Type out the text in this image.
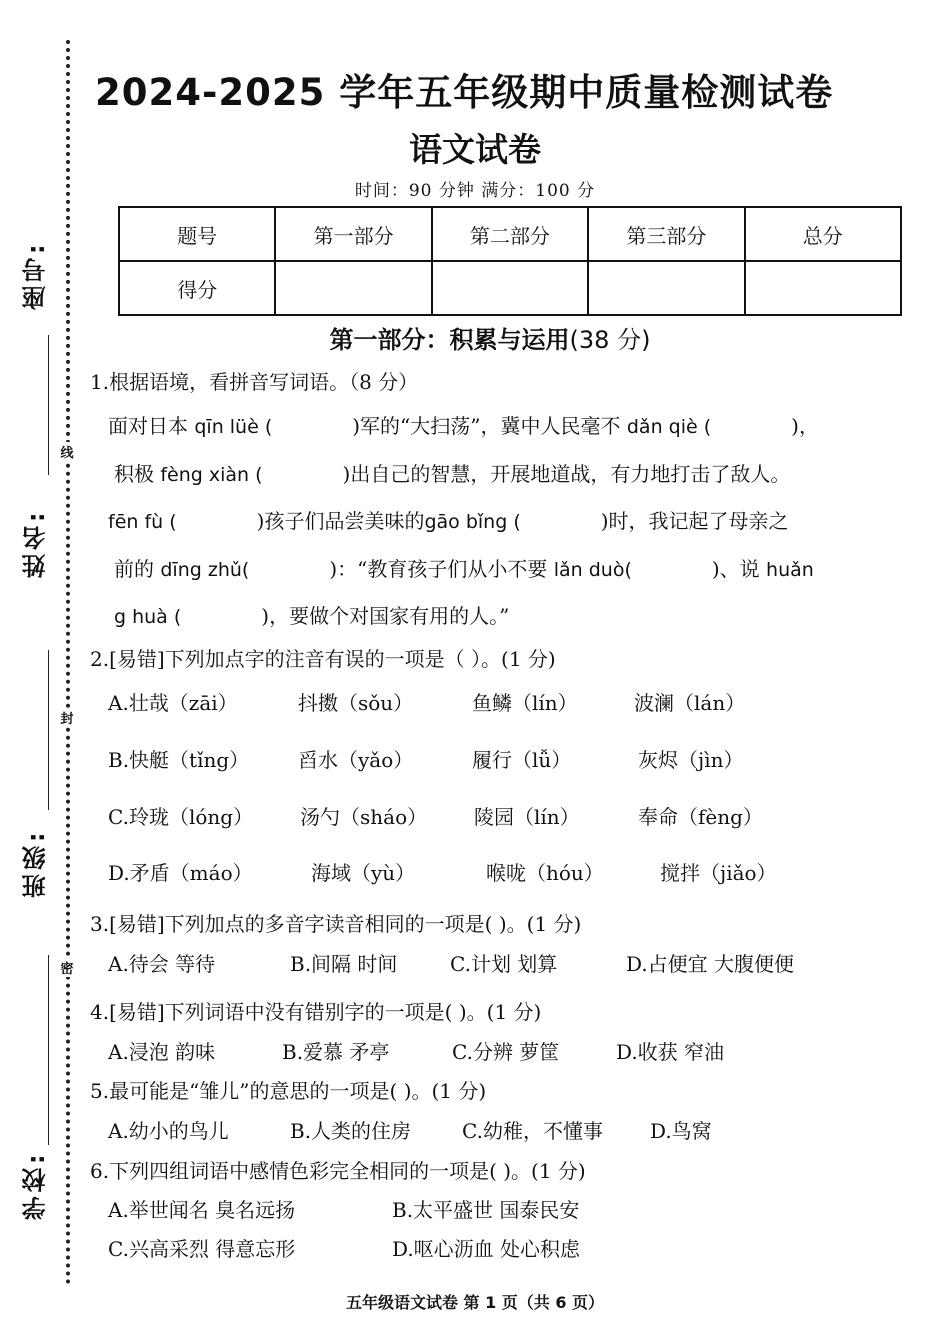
座号:
姓名:
班级:
学校:
线
封
密
2024-2025 学年五年级期中质量检测试卷
语文试卷
时间：90 分钟 满分：100 分
题号	第一部分	第二部分	第三部分	总分
得分				
第一部分：积累与运用(38 分)
1.根据语境，看拼音写词语。（8 分）
面对日本 qīn lüè (	)军的“大扫荡”，冀中人民毫不 dǎn qiè (	)，
积极 fèng xiàn (	)出自己的智慧，开展地道战，有力地打击了敌人。
fēn fù (	)孩子们品尝美味的gāo bǐng (	)时，我记起了母亲之
前的 dīng zhǔ(	)：“教育孩子们从小不要 lǎn duò(	)、说 huǎn
g huà (	)，要做个对国家有用的人。”
2.[易错]下列加点字的注音有误的一项是（ ）。(1 分)
A.壮哉（zāi）	抖擞（sǒu）	鱼鳞（lín）	波澜（lán）
B.快艇（tǐng） 舀水（yǎo）	履行（lǚ）	灰烬（jìn）
C.玲珑（lóng） 汤勺（sháo） 陵园（lín）	奉命（fèng）
D.矛盾（máo）	海域（yù）	喉咙（hóu）	搅拌（jiǎo）
3.[易错]下列加点的多音字读音相同的一项是( )。(1 分)
A.待会 等待	B.间隔 时间	C.计划 划算	D.占便宜 大腹便便
4.[易错]下列词语中没有错别字的一项是( )。(1 分)
A.浸泡 韵味	B.爱慕 矛亭	C.分辨 萝筐	D.收获 窄油
5.最可能是“雏儿”的意思的一项是( )。(1 分)
A.幼小的鸟儿	B.人类的住房	C.幼稚，不懂事 D.鸟窝
6.下列四组词语中感情色彩完全相同的一项是( )。(1 分)
A.举世闻名 臭名远扬	B.太平盛世 国泰民安
C.兴高采烈 得意忘形	D.呕心沥血 处心积虑
五年级语文试卷 第 1 页（共 6 页）
